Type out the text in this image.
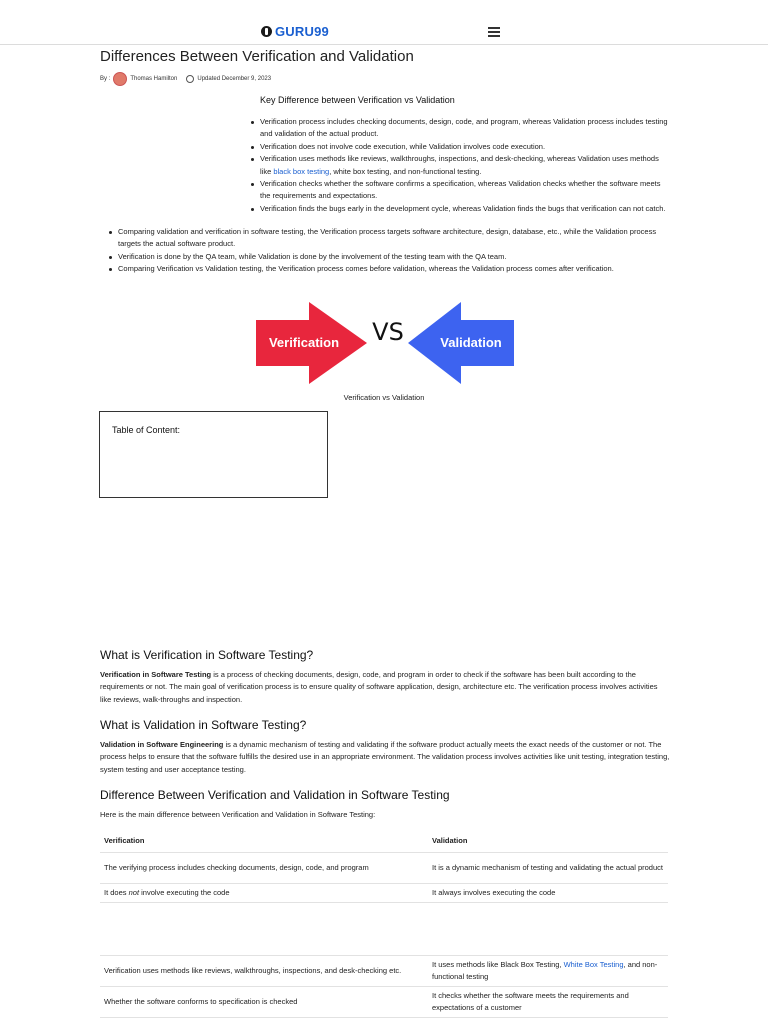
GURU99
Differences Between Verification and Validation
By :	Thomas Hamilton	Updated December 9, 2023
Key Difference between Verification vs Validation
Verification process includes checking documents, design, code, and program, whereas Validation process includes testing and validation of the actual product.
Verification does not involve code execution, while Validation involves code execution.
Verification uses methods like reviews, walkthroughs, inspections, and desk-checking, whereas Validation uses methods like black box testing, white box testing, and non-functional testing.
Verification checks whether the software confirms a specification, whereas Validation checks whether the software meets the requirements and expectations.
Verification finds the bugs early in the development cycle, whereas Validation finds the bugs that verification can not catch.
Comparing validation and verification in software testing, the Verification process targets software architecture, design, database, etc., while the Validation process targets the actual software product.
Verification is done by the QA team, while Validation is done by the involvement of the testing team with the QA team.
Comparing Verification vs Validation testing, the Verification process comes before validation, whereas the Validation process comes after verification.
Verification	Validation
VS
Verification vs Validation
Table of Content:
What is Verification in Software Testing?

Verification in Software Testing is a process of checking documents, design, code, and program in order to check if the software has been built according to the requirements or not. The main goal of verification process is to ensure quality of software application, design, architecture etc. The verification process involves activities like reviews, walk-throughs and inspection.

What is Validation in Software Testing?

Validation in Software Engineering is a dynamic mechanism of testing and validating if the software product actually meets the exact needs of the customer or not. The process helps to ensure that the software fulfills the desired use in an appropriate environment. The validation process involves activities like unit testing, integration testing, system testing and user acceptance testing.

Difference Between Verification and Validation in Software Testing

Here is the main difference between Verification and Validation in Software Testing:

Verification	Validation
The verifying process includes checking documents, design, code, and program	It is a dynamic mechanism of testing and validating the actual product
It does not involve executing the code	It always involves executing the code

Verification uses methods like reviews, walkthroughs, inspections, and desk-checking etc.	It uses methods like Black Box Testing, White Box Testing, and non-functional testing
Whether the software conforms to specification is checked	It checks whether the software meets the requirements and expectations of a customer
